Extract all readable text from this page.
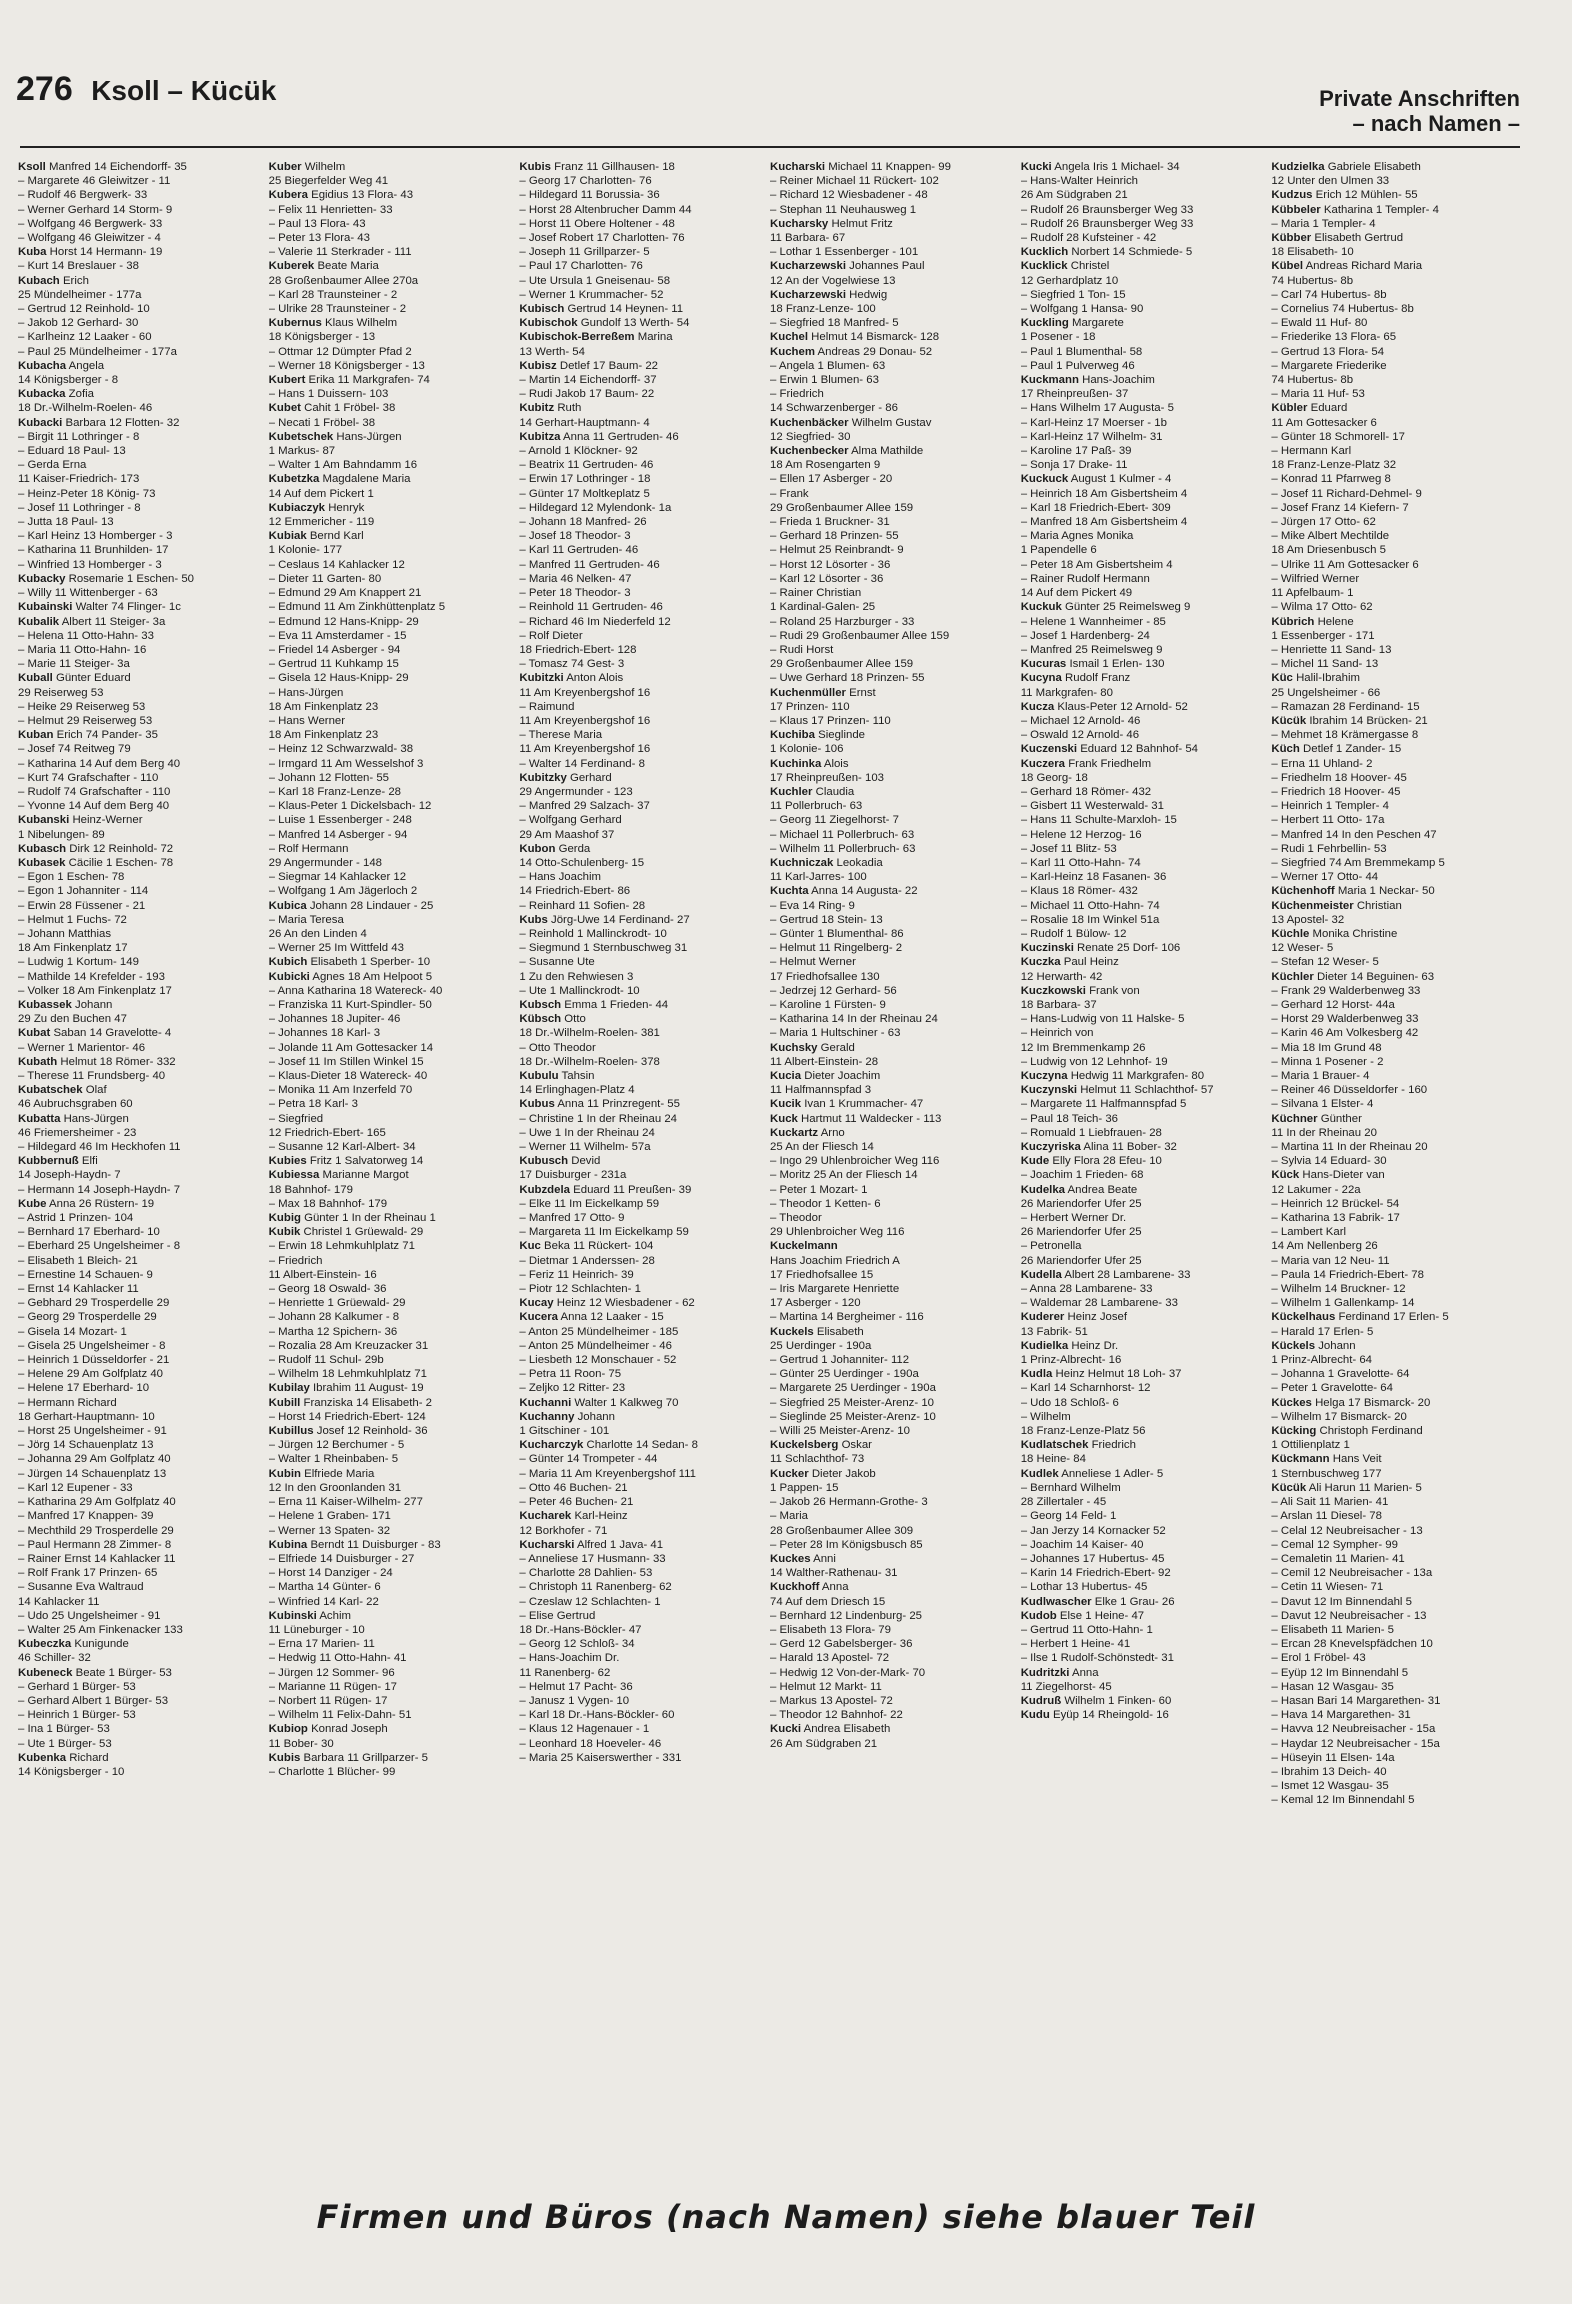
276 Ksoll – Kücük	Private Anschriften
– nach Namen –
Ksoll Manfred 14 Eichendorff- 35
– Margarete 46 Gleiwitzer - 11
– Rudolf 46 Bergwerk- 33
– Werner Gerhard 14 Storm- 9
– Wolfgang 46 Bergwerk- 33
– Wolfgang 46 Gleiwitzer - 4
Kuba Horst 14 Hermann- 19
– Kurt 14 Breslauer - 38
Kubach Erich
25 Mündelheimer - 177a
– Gertrud 12 Reinhold- 10
– Jakob 12 Gerhard- 30
– Karlheinz 12 Laaker - 60
– Paul 25 Mündelheimer - 177a
Kubacha Angela
14 Königsberger - 8
Kubacka Zofia
18 Dr.-Wilhelm-Roelen- 46
Kubacki Barbara 12 Flotten- 32
– Birgit 11 Lothringer - 8
– Eduard 18 Paul- 13
– Gerda Erna
11 Kaiser-Friedrich- 173
– Heinz-Peter 18 König- 73
– Josef 11 Lothringer - 8
– Jutta 18 Paul- 13
– Karl Heinz 13 Homberger - 3
– Katharina 11 Brunhilden- 17
– Winfried 13 Homberger - 3
Kubacky Rosemarie 1 Eschen- 50
– Willy 11 Wittenberger - 63
Kubainski Walter 74 Flinger- 1c
Kubalik Albert 11 Steiger- 3a
– Helena 11 Otto-Hahn- 33
– Maria 11 Otto-Hahn- 16
– Marie 11 Steiger- 3a
Kuball Günter Eduard
29 Reiserweg 53
– Heike 29 Reiserweg 53
– Helmut 29 Reiserweg 53
Kuban Erich 74 Pander- 35
– Josef 74 Reitweg 79
– Katharina 14 Auf dem Berg 40
– Kurt 74 Grafschafter - 110
– Rudolf 74 Grafschafter - 110
– Yvonne 14 Auf dem Berg 40
Kubanski Heinz-Werner
1 Nibelungen- 89
Kubasch Dirk 12 Reinhold- 72
Kubasek Cäcilie 1 Eschen- 78
– Egon 1 Eschen- 78
– Egon 1 Johanniter - 114
– Erwin 28 Füssener - 21
– Helmut 1 Fuchs- 72
– Johann Matthias
18 Am Finkenplatz 17
– Ludwig 1 Kortum- 149
– Mathilde 14 Krefelder - 193
– Volker 18 Am Finkenplatz 17
Kubassek Johann
29 Zu den Buchen 47
Kubat Saban 14 Gravelotte- 4
– Werner 1 Marientor- 46
Kubath Helmut 18 Römer- 332
– Therese 11 Frundsberg- 40
Kubatschek Olaf
46 Aubruchsgraben 60
Kubatta Hans-Jürgen
46 Friemersheimer - 23
– Hildegard 46 Im Heckhofen 11
Kubbernuß Elfi
14 Joseph-Haydn- 7
– Hermann 14 Joseph-Haydn- 7
Kube Anna 26 Rüstern- 19
– Astrid 1 Prinzen- 104
– Bernhard 17 Eberhard- 10
– Eberhard 25 Ungelsheimer - 8
– Elisabeth 1 Bleich- 21
– Ernestine 14 Schauen- 9
– Ernst 14 Kahlacker 11
– Gebhard 29 Trosperdelle 29
– Georg 29 Trosperdelle 29
– Gisela 14 Mozart- 1
– Gisela 25 Ungelsheimer - 8
– Heinrich 1 Düsseldorfer - 21
– Helene 29 Am Golfplatz 40
– Helene 17 Eberhard- 10
– Hermann Richard
18 Gerhart-Hauptmann- 10
– Horst 25 Ungelsheimer - 91
– Jörg 14 Schauenplatz 13
– Johanna 29 Am Golfplatz 40
– Jürgen 14 Schauenplatz 13
– Karl 12 Eupener - 33
– Katharina 29 Am Golfplatz 40
– Manfred 17 Knappen- 39
– Mechthild 29 Trosperdelle 29
– Paul Hermann 28 Zimmer- 8
– Rainer Ernst 14 Kahlacker 11
– Rolf Frank 17 Prinzen- 65
– Susanne Eva Waltraud
14 Kahlacker 11
– Udo 25 Ungelsheimer - 91
– Walter 25 Am Finkenacker 133
Kubeczka Kunigunde
46 Schiller- 32
Kubeneck Beate 1 Bürger- 53
– Gerhard 1 Bürger- 53
– Gerhard Albert 1 Bürger- 53
– Heinrich 1 Bürger- 53
– Ina 1 Bürger- 53
– Ute 1 Bürger- 53
Kubenka Richard
14 Königsberger - 10
Kuber Wilhelm
25 Biegerfelder Weg 41
Kubera Egidius 13 Flora- 43
– Felix 11 Henrietten- 33
– Paul 13 Flora- 43
– Peter 13 Flora- 43
– Valerie 11 Sterkrader - 111
Kuberek Beate Maria
28 Großenbaumer Allee 270a
– Karl 28 Traunsteiner - 2
– Ulrike 28 Traunsteiner - 2
Kubernus Klaus Wilhelm
18 Königsberger - 13
– Ottmar 12 Dümpter Pfad 2
– Werner 18 Königsberger - 13
Kubert Erika 11 Markgrafen- 74
– Hans 1 Duissern- 103
Kubet Cahit 1 Fröbel- 38
– Necati 1 Fröbel- 38
Kubetschek Hans-Jürgen
1 Markus- 87
– Walter 1 Am Bahndamm 16
Kubetzka Magdalene Maria
14 Auf dem Pickert 1
Kubiaczyk Henryk
12 Emmericher - 119
Kubiak Bernd Karl
1 Kolonie- 177
– Ceslaus 14 Kahlacker 12
– Dieter 11 Garten- 80
– Edmund 29 Am Knappert 21
– Edmund 11 Am Zinkhüttenplatz 5
– Edmund 12 Hans-Knipp- 29
– Eva 11 Amsterdamer - 15
– Friedel 14 Asberger - 94
– Gertrud 11 Kuhkamp 15
– Gisela 12 Haus-Knipp- 29
– Hans-Jürgen
18 Am Finkenplatz 23
– Hans Werner
18 Am Finkenplatz 23
– Heinz 12 Schwarzwald- 38
– Irmgard 11 Am Wesselshof 3
– Johann 12 Flotten- 55
– Karl 18 Franz-Lenze- 28
– Klaus-Peter 1 Dickelsbach- 12
– Luise 1 Essenberger - 248
– Manfred 14 Asberger - 94
– Rolf Hermann
29 Angermunder - 148
– Siegmar 14 Kahlacker 12
– Wolfgang 1 Am Jägerloch 2
Kubica Johann 28 Lindauer - 25
– Maria Teresa
26 An den Linden 4
– Werner 25 Im Wittfeld 43
Kubich Elisabeth 1 Sperber- 10
Kubicki Agnes 18 Am Helpoot 5
– Anna Katharina 18 Watereck- 40
– Franziska 11 Kurt-Spindler- 50
– Johannes 18 Jupiter- 46
– Johannes 18 Karl- 3
– Jolande 11 Am Gottesacker 14
– Josef 11 Im Stillen Winkel 15
– Klaus-Dieter 18 Watereck- 40
– Monika 11 Am Inzerfeld 70
– Petra 18 Karl- 3
– Siegfried
12 Friedrich-Ebert- 165
– Susanne 12 Karl-Albert- 34
Kubies Fritz 1 Salvatorweg 14
Kubiessa Marianne Margot
18 Bahnhof- 179
– Max 18 Bahnhof- 179
Kubig Günter 1 In der Rheinau 1
Kubik Christel 1 Grüewald- 29
– Erwin 18 Lehmkuhlplatz 71
– Friedrich
11 Albert-Einstein- 16
– Georg 18 Oswald- 36
– Henriette 1 Grüewald- 29
– Johann 28 Kalkumer - 8
– Martha 12 Spichern- 36
– Rozalia 28 Am Kreuzacker 31
– Rudolf 11 Schul- 29b
– Wilhelm 18 Lehmkuhlplatz 71
Kubilay Ibrahim 11 August- 19
Kubill Franziska 14 Elisabeth- 2
– Horst 14 Friedrich-Ebert- 124
Kubillus Josef 12 Reinhold- 36
– Jürgen 12 Berchumer - 5
– Walter 1 Rheinbaben- 5
Kubin Elfriede Maria
12 In den Groonlanden 31
– Erna 11 Kaiser-Wilhelm- 277
– Helene 1 Graben- 171
– Werner 13 Spaten- 32
Kubina Berndt 11 Duisburger - 83
– Elfriede 14 Duisburger - 27
– Horst 14 Danziger - 24
– Martha 14 Günter- 6
– Winfried 14 Karl- 22
Kubinski Achim
11 Lüneburger - 10
– Erna 17 Marien- 11
– Hedwig 11 Otto-Hahn- 41
– Jürgen 12 Sommer- 96
– Marianne 11 Rügen- 17
– Norbert 11 Rügen- 17
– Wilhelm 11 Felix-Dahn- 51
Kubiор Konrad Joseph
11 Bober- 30
Kubis Barbara 11 Grillparzer- 5
– Charlotte 1 Blücher- 99
Kubis Franz 11 Gillhausen- 18
– Georg 17 Charlotten- 76
– Hildegard 11 Borussia- 36
– Horst 28 Altenbrucher Damm 44
– Horst 11 Obere Holtener - 48
– Josef Robert 17 Charlotten- 76
– Joseph 11 Grillparzer- 5
– Paul 17 Charlotten- 76
– Ute Ursula 1 Gneisenau- 58
– Werner 1 Krummacher- 52
Kubisch Gertrud 14 Heynen- 11
Kubischok Gundolf 13 Werth- 54
Kubischok-Berreßem Marina
13 Werth- 54
Kubisz Detlef 17 Baum- 22
– Martin 14 Eichendorff- 37
– Rudi Jakob 17 Baum- 22
Kubitz Ruth
14 Gerhart-Hauptmann- 4
Kubitza Anna 11 Gertruden- 46
– Arnold 1 Klöckner- 92
– Beatrix 11 Gertruden- 46
– Erwin 17 Lothringer - 18
– Günter 17 Moltkeplatz 5
– Hildegard 12 Mylendonk- 1a
– Johann 18 Manfred- 26
– Josef 18 Theodor- 3
– Karl 11 Gertruden- 46
– Manfred 11 Gertruden- 46
– Maria 46 Nelken- 47
– Peter 18 Theodor- 3
– Reinhold 11 Gertruden- 46
– Richard 46 Im Niederfeld 12
– Rolf Dieter
18 Friedrich-Ebert- 128
– Tomasz 74 Gest- 3
Kubitzki Anton Alois
11 Am Kreyenbergshof 16
– Raimund
11 Am Kreyenbergshof 16
– Therese Maria
11 Am Kreyenbergshof 16
– Walter 14 Ferdinand- 8
Kubitzky Gerhard
29 Angermunder - 123
– Manfred 29 Salzach- 37
– Wolfgang Gerhard
29 Am Maashof 37
Kubon Gerda
14 Otto-Schulenberg- 15
– Hans Joachim
14 Friedrich-Ebert- 86
– Reinhard 11 Sofien- 28
Kubs Jörg-Uwe 14 Ferdinand- 27
– Reinhold 1 Mallinckrodt- 10
– Siegmund 1 Sternbuschweg 31
– Susanne Ute
1 Zu den Rehwiesen 3
– Ute 1 Mallinckrodt- 10
Kubsch Emma 1 Frieden- 44
Kübsch Otto
18 Dr.-Wilhelm-Roelen- 381
– Otto Theodor
18 Dr.-Wilhelm-Roelen- 378
Kubulu Tahsin
14 Erlinghagen-Platz 4
Kubus Anna 11 Prinzregent- 55
– Christine 1 In der Rheinau 24
– Uwe 1 In der Rheinau 24
– Werner 11 Wilhelm- 57a
Kubusch Devid
17 Duisburger - 231a
Kubzdela Eduard 11 Preußen- 39
– Elke 11 Im Eickelkamp 59
– Manfred 17 Otto- 9
– Margareta 11 Im Eickelkamp 59
Kuc Beka 11 Rückert- 104
– Dietmar 1 Anderssen- 28
– Feriz 11 Heinrich- 39
– Piotr 12 Schlachten- 1
Kucay Heinz 12 Wiesbadener - 62
Kucera Anna 12 Laaker - 15
– Anton 25 Mündelheimer - 185
– Anton 25 Mündelheimer - 46
– Liesbeth 12 Monschauer - 52
– Petra 11 Roon- 75
– Zeljko 12 Ritter- 23
Kuchanni Walter 1 Kalkweg 70
Kuchanny Johann
1 Gitschiner - 101
Kucharczyk Charlotte 14 Sedan- 8
– Günter 14 Trompeter - 44
– Maria 11 Am Kreyenbergshof 111
– Otto 46 Buchen- 21
– Peter 46 Buchen- 21
Kucharek Karl-Heinz
12 Borkhofer - 71
Kucharski Alfred 1 Java- 41
– Anneliese 17 Husmann- 33
– Charlotte 28 Dahlien- 53
– Christoph 11 Ranenberg- 62
– Czeslaw 12 Schlachten- 1
– Elise Gertrud
18 Dr.-Hans-Böckler- 47
– Georg 12 Schloß- 34
– Hans-Joachim Dr.
11 Ranenberg- 62
– Helmut 17 Pacht- 36
– Janusz 1 Vygen- 10
– Karl 18 Dr.-Hans-Böckler- 60
– Klaus 12 Hagenauer - 1
– Leonhard 18 Hoeveler- 46
– Maria 25 Kaiserswerther - 331
Kucharski Michael 11 Knappen- 99
– Reiner Michael 11 Rückert- 102
– Richard 12 Wiesbadener - 48
– Stephan 11 Neuhausweg 1
Kucharsky Helmut Fritz
11 Barbara- 67
– Lothar 1 Essenberger - 101
Kucharzewski Johannes Paul
12 An der Vogelwiese 13
Kucharzewski Hedwig
18 Franz-Lenze- 100
– Siegfried 18 Manfred- 5
Kuchel Helmut 14 Bismarck- 128
Kuchem Andreas 29 Donau- 52
– Angela 1 Blumen- 63
– Erwin 1 Blumen- 63
– Friedrich
14 Schwarzenberger - 86
Kuchenbäcker Wilhelm Gustav
12 Siegfried- 30
Kuchenbecker Alma Mathilde
18 Am Rosengarten 9
– Ellen 17 Asberger - 20
– Frank
29 Großenbaumer Allee 159
– Frieda 1 Bruckner- 31
– Gerhard 18 Prinzen- 55
– Helmut 25 Reinbrandt- 9
– Horst 12 Lösorter - 36
– Karl 12 Lösorter - 36
– Rainer Christian
1 Kardinal-Galen- 25
– Roland 25 Harzburger - 33
– Rudi 29 Großenbaumer Allee 159
– Rudi Horst
29 Großenbaumer Allee 159
– Uwe Gerhard 18 Prinzen- 55
Kuchenmüller Ernst
17 Prinzen- 110
– Klaus 17 Prinzen- 110
Kuchiba Sieglinde
1 Kolonie- 106
Kuchinka Alois
17 Rheinpreußen- 103
Kuchler Claudia
11 Pollerbruch- 63
– Georg 11 Ziegelhorst- 7
– Michael 11 Pollerbruch- 63
– Wilhelm 11 Pollerbruch- 63
Kuchniczak Leokadia
11 Karl-Jarres- 100
Kuchta Anna 14 Augusta- 22
– Eva 14 Ring- 9
– Gertrud 18 Stein- 13
– Günter 1 Blumenthal- 86
– Helmut 11 Ringelberg- 2
– Helmut Werner
17 Friedhofsallee 130
– Jedrzej 12 Gerhard- 56
– Karoline 1 Fürsten- 9
– Katharina 14 In der Rheinau 24
– Maria 1 Hultschiner - 63
Kuchsky Gerald
11 Albert-Einstein- 28
Kucia Dieter Joachim
11 Halfmannspfad 3
Kucik Ivan 1 Krummacher- 47
Kuck Hartmut 11 Waldecker - 113
Kuckartz Arno
25 An der Fliesch 14
– Ingo 29 Uhlenbroicher Weg 116
– Moritz 25 An der Fliesch 14
– Peter 1 Mozart- 1
– Theodor 1 Ketten- 6
– Theodor
29 Uhlenbroicher Weg 116
Kuckelmann
Hans Joachim Friedrich A
17 Friedhofsallee 15
– Iris Margarete Henriette
17 Asberger - 120
– Martina 14 Bergheimer - 116
Kuckels Elisabeth
25 Uerdinger - 190a
– Gertrud 1 Johanniter- 112
– Günter 25 Uerdinger - 190a
– Margarete 25 Uerdinger - 190a
– Siegfried 25 Meister-Arenz- 10
– Sieglinde 25 Meister-Arenz- 10
– Willi 25 Meister-Arenz- 10
Kuckelsberg Oskar
11 Schlachthof- 73
Kucker Dieter Jakob
1 Pappen- 15
– Jakob 26 Hermann-Grothe- 3
– Maria
28 Großenbaumer Allee 309
– Peter 28 Im Königsbusch 85
Kuckes Anni
14 Walther-Rathenau- 31
Kuckhoff Anna
74 Auf dem Driesch 15
– Bernhard 12 Lindenburg- 25
– Elisabeth 13 Flora- 79
– Gerd 12 Gabelsberger- 36
– Harald 13 Apostel- 72
– Hedwig 12 Von-der-Mark- 70
– Helmut 12 Markt- 11
– Markus 13 Apostel- 72
– Theodor 12 Bahnhof- 22
Kucki Andrea Elisabeth
26 Am Südgraben 21
Kucki Angela Iris 1 Michael- 34
– Hans-Walter Heinrich
26 Am Südgraben 21
– Rudolf 26 Braunsberger Weg 33
– Rudolf 26 Braunsberger Weg 33
– Rudolf 28 Kufsteiner - 42
Kucklich Norbert 14 Schmiede- 5
Kucklick Christel
12 Gerhardplatz 10
– Siegfried 1 Ton- 15
– Wolfgang 1 Hansa- 90
Kuckling Margarete
1 Posener - 18
– Paul 1 Blumenthal- 58
– Paul 1 Pulverweg 46
Kuckmann Hans-Joachim
17 Rheinpreußen- 37
– Hans Wilhelm 17 Augusta- 5
– Karl-Heinz 17 Moerser - 1b
– Karl-Heinz 17 Wilhelm- 31
– Karoline 17 Paß- 39
– Sonja 17 Drake- 11
Kuckuck August 1 Kulmer - 4
– Heinrich 18 Am Gisbertsheim 4
– Karl 18 Friedrich-Ebert- 309
– Manfred 18 Am Gisbertsheim 4
– Maria Agnes Monika
1 Papendelle 6
– Peter 18 Am Gisbertsheim 4
– Rainer Rudolf Hermann
14 Auf dem Pickert 49
Kuckuk Günter 25 Reimelsweg 9
– Helene 1 Wannheimer - 85
– Josef 1 Hardenberg- 24
– Manfred 25 Reimelsweg 9
Kucuras Ismail 1 Erlen- 130
Kucyna Rudolf Franz
11 Markgrafen- 80
Kucza Klaus-Peter 12 Arnold- 52
– Michael 12 Arnold- 46
– Oswald 12 Arnold- 46
Kuczenski Eduard 12 Bahnhof- 54
Kuczera Frank Friedhelm
18 Georg- 18
– Gerhard 18 Römer- 432
– Gisbert 11 Westerwald- 31
– Hans 11 Schulte-Marxloh- 15
– Helene 12 Herzog- 16
– Josef 11 Blitz- 53
– Karl 11 Otto-Hahn- 74
– Karl-Heinz 18 Fasanen- 36
– Klaus 18 Römer- 432
– Michael 11 Otto-Hahn- 74
– Rosalie 18 Im Winkel 51a
– Rudolf 1 Bülow- 12
Kuczinski Renate 25 Dorf- 106
Kuczka Paul Heinz
12 Herwarth- 42
Kuczkowski Frank von
18 Barbara- 37
– Hans-Ludwig von 11 Halske- 5
– Heinrich von
12 Im Bremmenkamp 26
– Ludwig von 12 Lehnhof- 19
Kuczyna Hedwig 11 Markgrafen- 80
Kuczynski Helmut 11 Schlachthof- 57
– Margarete 11 Halfmannspfad 5
– Paul 18 Teich- 36
– Romuald 1 Liebfrauen- 28
Kuczyriska Alina 11 Bober- 32
Kude Elly Flora 28 Efeu- 10
– Joachim 1 Frieden- 68
Kudelka Andrea Beate
26 Mariendorfer Ufer 25
– Herbert Werner Dr.
26 Mariendorfer Ufer 25
– Petronella
26 Mariendorfer Ufer 25
Kudella Albert 28 Lambarene- 33
– Anna 28 Lambarene- 33
– Waldemar 28 Lambarene- 33
Kuderer Heinz Josef
13 Fabrik- 51
Kudielka Heinz Dr.
1 Prinz-Albrecht- 16
Kudla Heinz Helmut 18 Loh- 37
– Karl 14 Scharnhorst- 12
– Udo 18 Schloß- 6
– Wilhelm
18 Franz-Lenze-Platz 56
Kudlatschek Friedrich
18 Heine- 84
Kudlek Anneliese 1 Adler- 5
– Bernhard Wilhelm
28 Zillertaler - 45
– Georg 14 Feld- 1
– Jan Jerzy 14 Kornacker 52
– Joachim 14 Kaiser- 40
– Johannes 17 Hubertus- 45
– Karin 14 Friedrich-Ebert- 92
– Lothar 13 Hubertus- 45
Kudlwascher Elke 1 Grau- 26
Kudob Else 1 Heine- 47
– Gertrud 11 Otto-Hahn- 1
– Herbert 1 Heine- 41
– Ilse 1 Rudolf-Schönstedt- 31
Kudritzki Anna
11 Ziegelhorst- 45
Kudruß Wilhelm 1 Finken- 60
Kudu Eyüp 14 Rheingold- 16
Kudzielka Gabriele Elisabeth
12 Unter den Ulmen 33
Kudzus Erich 12 Mühlen- 55
Kübbeler Katharina 1 Templer- 4
– Maria 1 Templer- 4
Kübber Elisabeth Gertrud
18 Elisabeth- 10
Kübel Andreas Richard Maria
74 Hubertus- 8b
– Carl 74 Hubertus- 8b
– Cornelius 74 Hubertus- 8b
– Ewald 11 Huf- 80
– Friederike 13 Flora- 65
– Gertrud 13 Flora- 54
– Margarete Friederike
74 Hubertus- 8b
– Maria 11 Huf- 53
Kübler Eduard
11 Am Gottesacker 6
– Günter 18 Schmorell- 17
– Hermann Karl
18 Franz-Lenze-Platz 32
– Konrad 11 Pfarrweg 8
– Josef 11 Richard-Dehmel- 9
– Josef Franz 14 Kiefern- 7
– Jürgen 17 Otto- 62
– Mike Albert Mechtilde
18 Am Driesenbusch 5
– Ulrike 11 Am Gottesacker 6
– Wilfried Werner
11 Apfelbaum- 1
– Wilma 17 Otto- 62
Kübrich Helene
1 Essenberger - 171
– Henriette 11 Sand- 13
– Michel 11 Sand- 13
Küc Halil-Ibrahim
25 Ungelsheimer - 66
– Ramazan 28 Ferdinand- 15
Kücük Ibrahim 14 Brücken- 21
– Mehmet 18 Krämergasse 8
Küch Detlef 1 Zander- 15
– Erna 11 Uhland- 2
– Friedhelm 18 Hoover- 45
– Friedrich 18 Hoover- 45
– Heinrich 1 Templer- 4
– Herbert 11 Otto- 17a
– Manfred 14 In den Peschen 47
– Rudi 1 Fehrbellin- 53
– Siegfried 74 Am Bremmekamp 5
– Werner 17 Otto- 44
Küchenhoff Maria 1 Neckar- 50
Küchenmeister Christian
13 Apostel- 32
Küchle Monika Christine
12 Weser- 5
– Stefan 12 Weser- 5
Küchler Dieter 14 Beguinen- 63
– Frank 29 Walderbenweg 33
– Gerhard 12 Horst- 44a
– Horst 29 Walderbenweg 33
– Karin 46 Am Volkesberg 42
– Mia 18 Im Grund 48
– Minna 1 Posener - 2
– Maria 1 Brauer- 4
– Reiner 46 Düsseldorfer - 160
– Silvana 1 Elster- 4
Küchner Günther
11 In der Rheinau 20
– Martina 11 In der Rheinau 20
– Sylvia 14 Eduard- 30
Kück Hans-Dieter van
12 Lakumer - 22a
– Heinrich 12 Brückel- 54
– Katharina 13 Fabrik- 17
– Lambert Karl
14 Am Nellenberg 26
– Maria van 12 Neu- 11
– Paula 14 Friedrich-Ebert- 78
– Wilhelm 14 Bruckner- 12
– Wilhelm 1 Gallenkamp- 14
Kückelhaus Ferdinand 17 Erlen- 5
– Harald 17 Erlen- 5
Kückels Johann
1 Prinz-Albrecht- 64
– Johanna 1 Gravelotte- 64
– Peter 1 Gravelotte- 64
Kückes Helga 17 Bismarck- 20
– Wilhelm 17 Bismarck- 20
Kücking Christoph Ferdinand
1 Ottilienplatz 1
Kückmann Hans Veit
1 Sternbuschweg 177
Kücük Ali Harun 11 Marien- 5
– Ali Sait 11 Marien- 41
– Arslan 11 Diesel- 78
– Celal 12 Neubreisacher - 13
– Cemal 12 Sympher- 99
– Cemaletin 11 Marien- 41
– Cemil 12 Neubreisacher - 13a
– Cetin 11 Wiesen- 71
– Davut 12 Im Binnendahl 5
– Davut 12 Neubreisacher - 13
– Elisabeth 11 Marien- 5
– Ercan 28 Knevelspfädchen 10
– Erol 1 Fröbel- 43
– Eyüp 12 Im Binnendahl 5
– Hasan 12 Wasgau- 35
– Hasan Bari 14 Margarethen- 31
– Hava 14 Margarethen- 31
– Havva 12 Neubreisacher - 15a
– Haydar 12 Neubreisacher - 15a
– Hüseyin 11 Elsen- 14a
– Ibrahim 13 Deich- 40
– Ismet 12 Wasgau- 35
– Kemal 12 Im Binnendahl 5
Firmen und Büros (nach Namen) siehe blauer Teil
